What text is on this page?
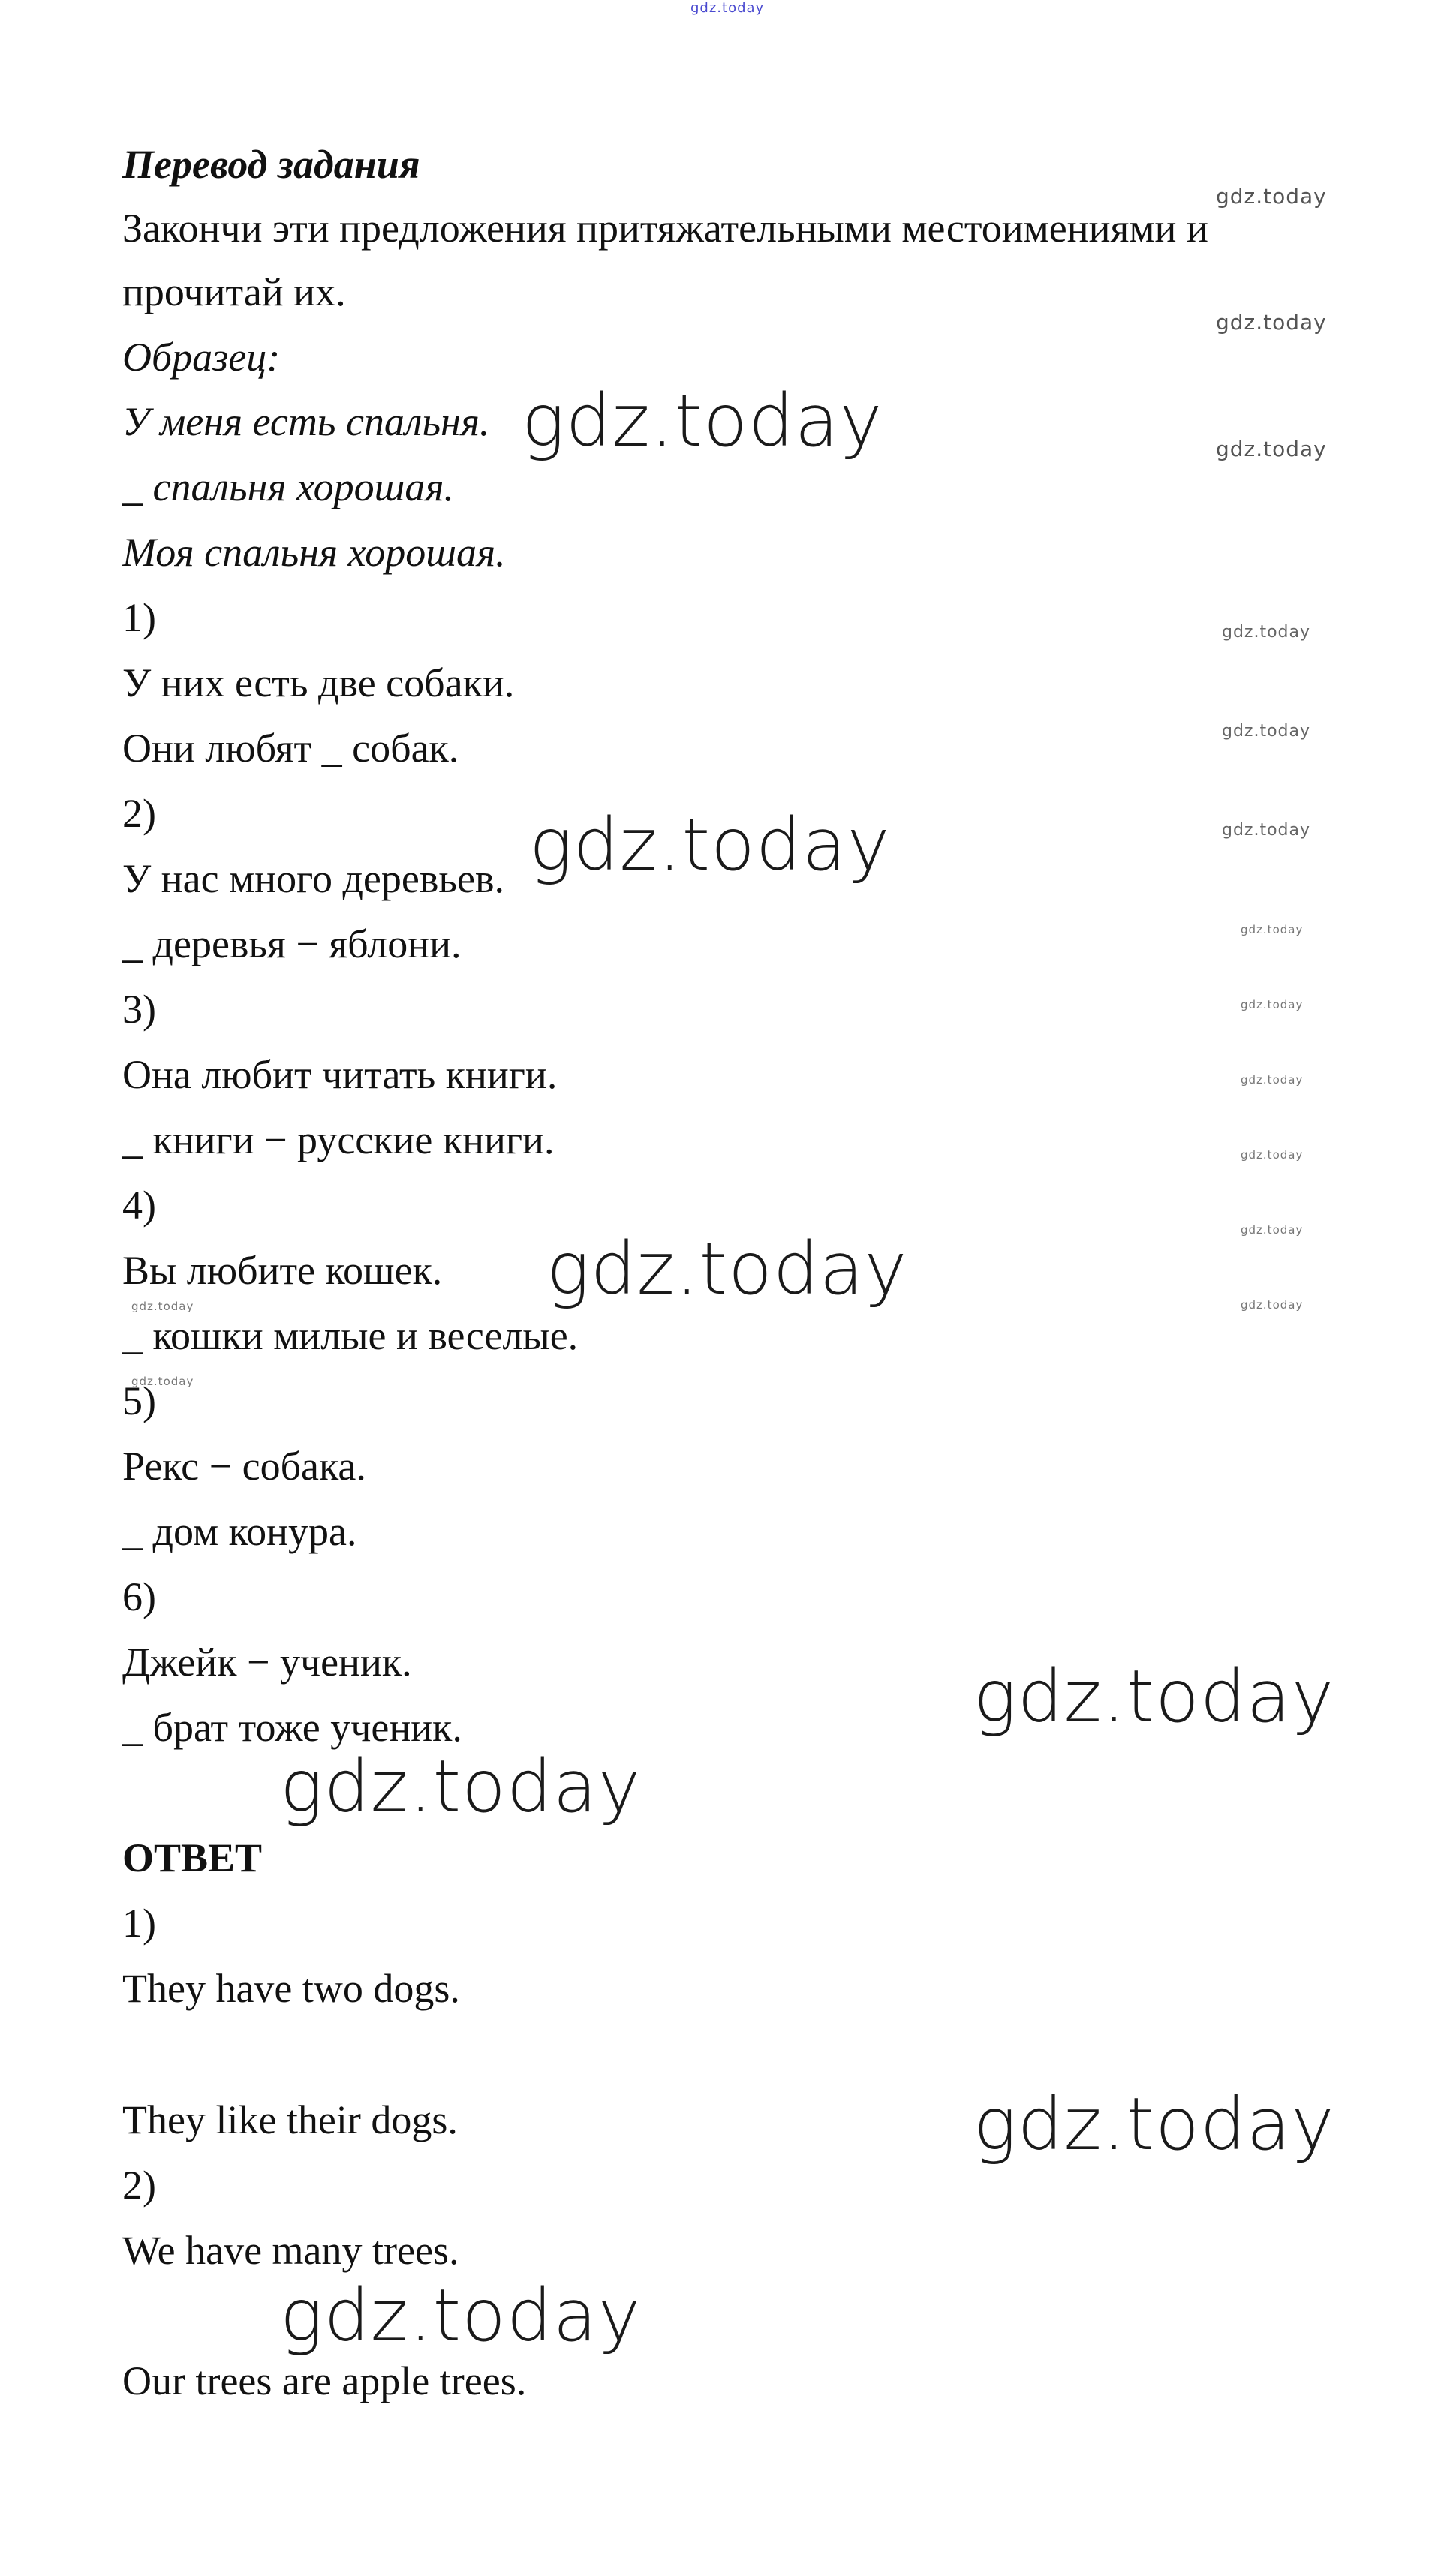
gdz.today
Перевод задания
Закончи эти предложения притяжательными местоимениями и
прочитай их.
Образец:
У меня есть спальня.
_ спальня хорошая.
Моя спальня хорошая.
1)
У них есть две собаки.
Они любят _ собак.
2)
У нас много деревьев.
_ деревья − яблони.
3)
Она любит читать книги.
_ книги − русские книги.
4)
Вы любите кошек.
_ кошки милые и веселые.
5)
Рекс − собака.
_ дом конура.
6)
Джейк − ученик.
_ брат тоже ученик.
ОТВЕТ
1)
They have two dogs.
They like their dogs.
2)
We have many trees.
Our trees are apple trees.
gdz.today
gdz.today
gdz.today
gdz.today
gdz.today
gdz.today
gdz.today
gdz.today
gdz.today
gdz.today
gdz.today
gdz.today
gdz.today
gdz.today
gdz.today
gdz.today
gdz.today
gdz.today
gdz.today
gdz.today
gdz.today
